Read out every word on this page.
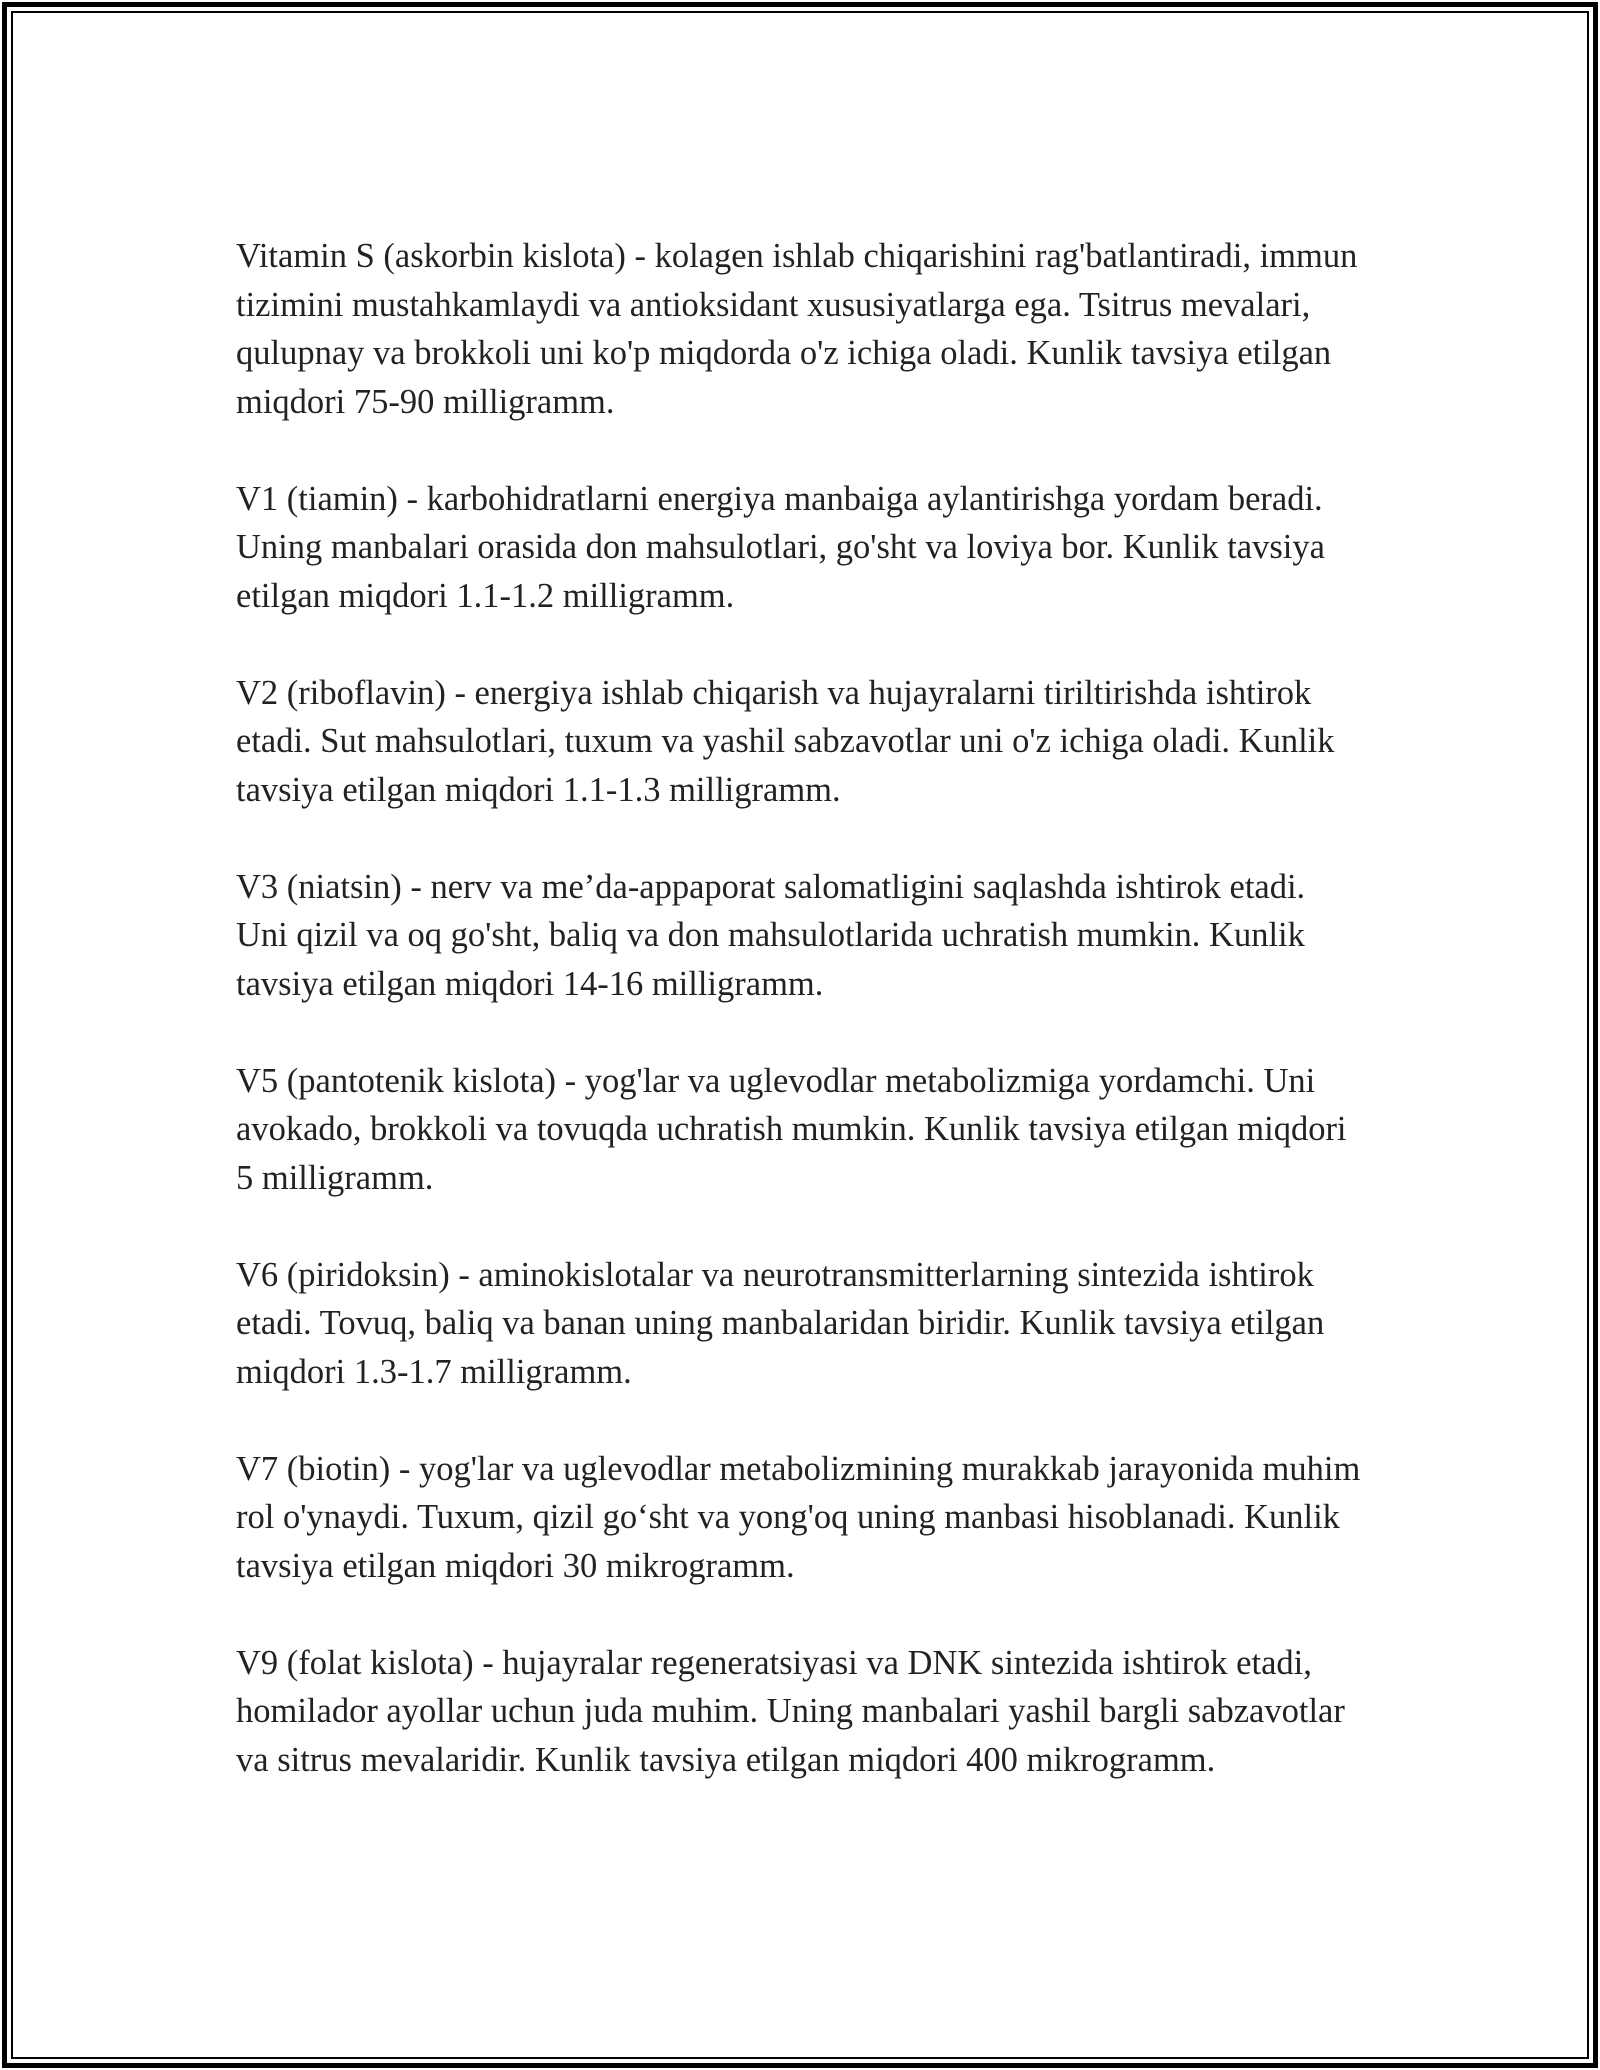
Vitamin S (askorbin kislota) - kolagen ishlab chiqarishini rag'batlantiradi, immun tizimini mustahkamlaydi va antioksidant xususiyatlarga ega. Tsitrus mevalari, qulupnay va brokkoli uni ko'p miqdorda o'z ichiga oladi. Kunlik tavsiya etilgan miqdori 75-90 milligramm.

V1 (tiamin) - karbohidratlarni energiya manbaiga aylantirishga yordam beradi. Uning manbalari orasida don mahsulotlari, go'sht va loviya bor. Kunlik tavsiya etilgan miqdori 1.1-1.2 milligramm.

V2 (riboflavin) - energiya ishlab chiqarish va hujayralarni tiriltirishda ishtirok etadi. Sut mahsulotlari, tuxum va yashil sabzavotlar uni o'z ichiga oladi. Kunlik tavsiya etilgan miqdori 1.1-1.3 milligramm.

V3 (niatsin) - nerv va me’da-appaporat salomatligini saqlashda ishtirok etadi. Uni qizil va oq go'sht, baliq va don mahsulotlarida uchratish mumkin. Kunlik tavsiya etilgan miqdori 14-16 milligramm.

V5 (pantotenik kislota) - yog'lar va uglevodlar metabolizmiga yordamchi. Uni avokado, brokkoli va tovuqda uchratish mumkin. Kunlik tavsiya etilgan miqdori 5 milligramm.

V6 (piridoksin) - aminokislotalar va neurotransmitterlarning sintezida ishtirok etadi. Tovuq, baliq va banan uning manbalaridan biridir. Kunlik tavsiya etilgan miqdori 1.3-1.7 milligramm.

V7 (biotin) - yog'lar va uglevodlar metabolizmining murakkab jarayonida muhim rol o'ynaydi. Tuxum, qizil go‘sht va yong'oq uning manbasi hisoblanadi. Kunlik tavsiya etilgan miqdori 30 mikrogramm.

V9 (folat kislota) - hujayralar regeneratsiyasi va DNK sintezida ishtirok etadi, homilador ayollar uchun juda muhim. Uning manbalari yashil bargli sabzavotlar va sitrus mevalaridir. Kunlik tavsiya etilgan miqdori 400 mikrogramm.
